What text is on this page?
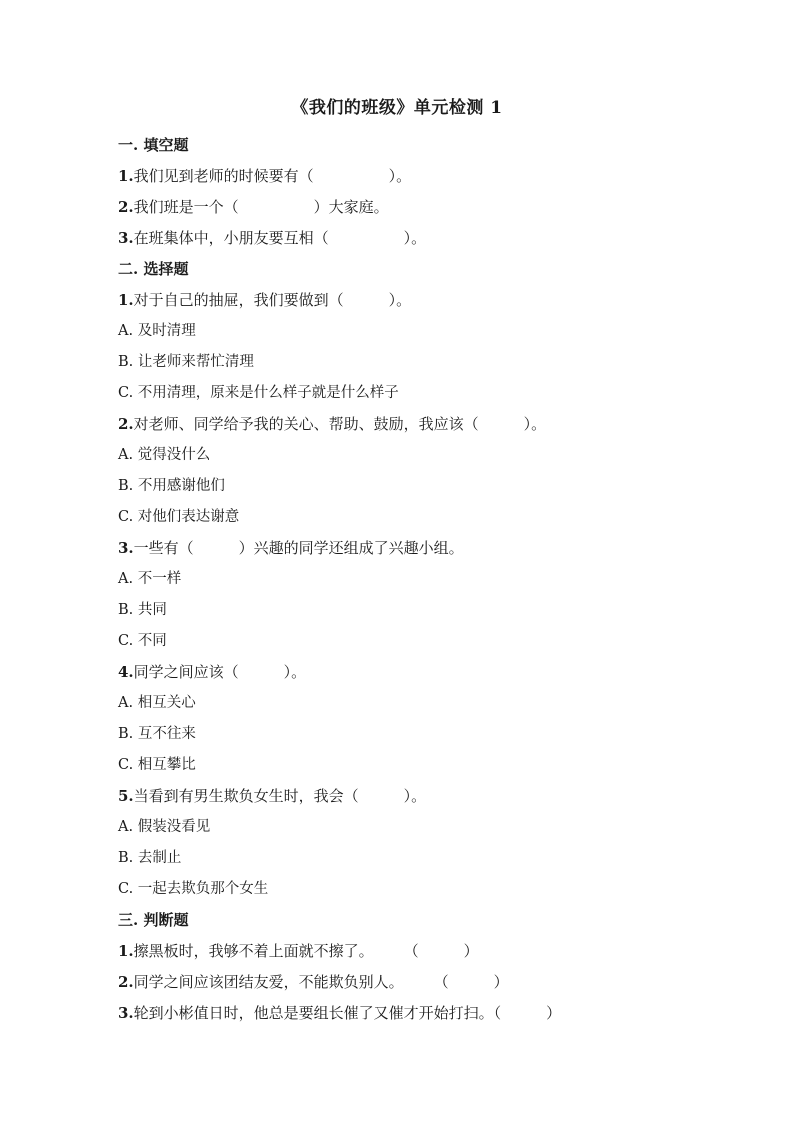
《我们的班级》单元检测 1
一. 填空题
1.我们见到老师的时候要有（　　　　　）。
2.我们班是一个（　　　　　）大家庭。
3.在班集体中，小朋友要互相（　　　　　）。
二. 选择题
1.对于自己的抽屉，我们要做到（　　　）。
A. 及时清理
B. 让老师来帮忙清理
C. 不用清理，原来是什么样子就是什么样子
2.对老师、同学给予我的关心、帮助、鼓励，我应该（　　　）。
A. 觉得没什么
B. 不用感谢他们
C. 对他们表达谢意
3.一些有（　　　）兴趣的同学还组成了兴趣小组。
A. 不一样
B. 共同
C. 不同
4.同学之间应该（　　　）。
A. 相互关心
B. 互不往来
C. 相互攀比
5.当看到有男生欺负女生时，我会（　　　）。
A. 假装没看见
B. 去制止
C. 一起去欺负那个女生
三. 判断题
1.擦黑板时，我够不着上面就不擦了。　　　（　　　）
2.同学之间应该团结友爱，不能欺负别人。　　　（　　　）
3.轮到小彬值日时，他总是要组长催了又催才开始打扫。（　　　）
